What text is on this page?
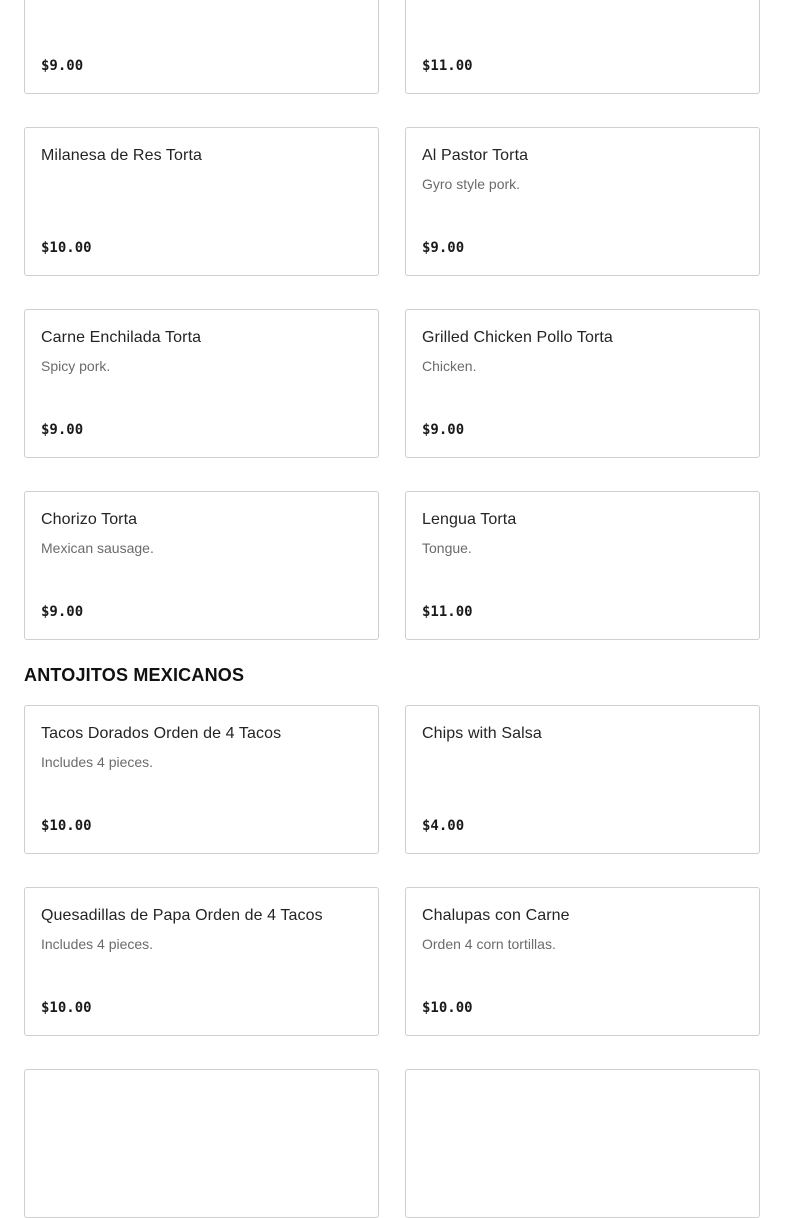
$9.00	$11.00
Milanesa de Res Torta
$10.00
Al Pastor Torta
Gyro style pork.
$9.00
Carne Enchilada Torta
Spicy pork.
$9.00
Grilled Chicken Pollo Torta
Chicken.
$9.00
Chorizo Torta
Mexican sausage.
$9.00
Lengua Torta
Tongue.
$11.00
ANTOJITOS MEXICANOS
Tacos Dorados Orden de 4 Tacos
Includes 4 pieces.
$10.00
Chips with Salsa
$4.00
Quesadillas de Papa Orden de 4 Tacos
Includes 4 pieces.
$10.00
Chalupas con Carne
Orden 4 corn tortillas.
$10.00
